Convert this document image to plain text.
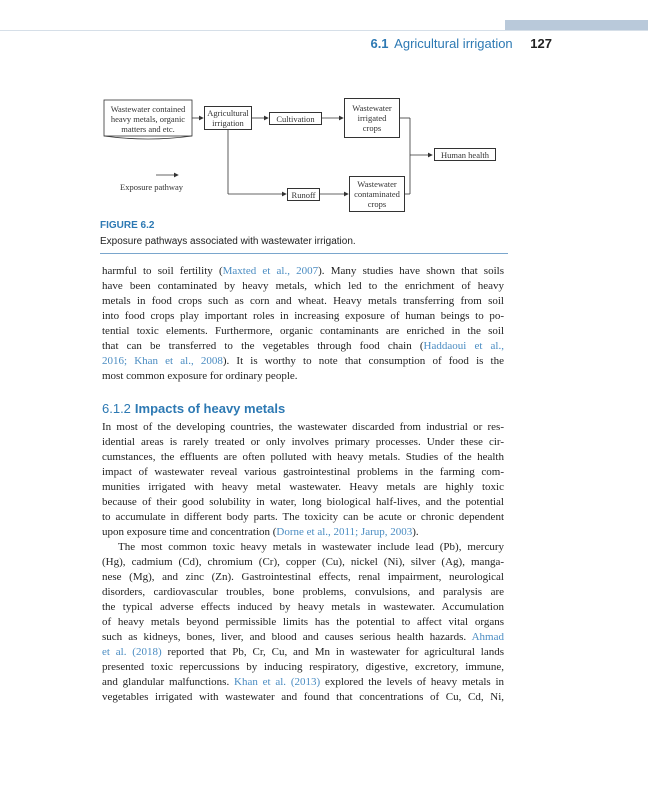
6.1 Agricultural irrigation 127
Wastewater contained heavy metals, organic matters and etc.
Agricultural irrigation	Cultivation
Wastewater irrigated crops
Human health
Runoff
Wastewater contaminated crops
Exposure pathway
FIGURE 6.2
Exposure pathways associated with wastewater irrigation.
harmful to soil fertility (Maxted et al., 2007). Many studies have shown that soils
have been contaminated by heavy metals, which led to the enrichment of heavy
metals in food crops such as corn and wheat. Heavy metals transferring from soil
into food crops play important roles in increasing exposure of human beings to po-
tential toxic elements. Furthermore, organic contaminants are enriched in the soil
that can be transferred to the vegetables through food chain (Haddaoui et al.,
2016; Khan et al., 2008). It is worthy to note that consumption of food is the
most common exposure for ordinary people.
6.1.2 Impacts of heavy metals
In most of the developing countries, the wastewater discarded from industrial or res-
idential areas is rarely treated or only involves primary processes. Under these cir-
cumstances, the effluents are often polluted with heavy metals. Studies of the health
impact of wastewater reveal various gastrointestinal problems in the farming com-
munities irrigated with heavy metal wastewater. Heavy metals are highly toxic
because of their good solubility in water, long biological half-lives, and the potential
to accumulate in different body parts. The toxicity can be acute or chronic dependent
upon exposure time and concentration (Dorne et al., 2011; Jarup, 2003).
The most common toxic heavy metals in wastewater include lead (Pb), mercury
(Hg), cadmium (Cd), chromium (Cr), copper (Cu), nickel (Ni), silver (Ag), manga-
nese (Mg), and zinc (Zn). Gastrointestinal effects, renal impairment, neurological
disorders, cardiovascular troubles, bone problems, convulsions, and paralysis are
the typical adverse effects induced by heavy metals in wastewater. Accumulation
of heavy metals beyond permissible limits has the potential to affect vital organs
such as kidneys, bones, liver, and blood and causes serious health hazards. Ahmad
et al. (2018) reported that Pb, Cr, Cu, and Mn in wastewater for agricultural lands
presented toxic repercussions by inducing respiratory, digestive, excretory, immune,
and glandular malfunctions. Khan et al. (2013) explored the levels of heavy metals in
vegetables irrigated with wastewater and found that concentrations of Cu, Cd, Ni,
